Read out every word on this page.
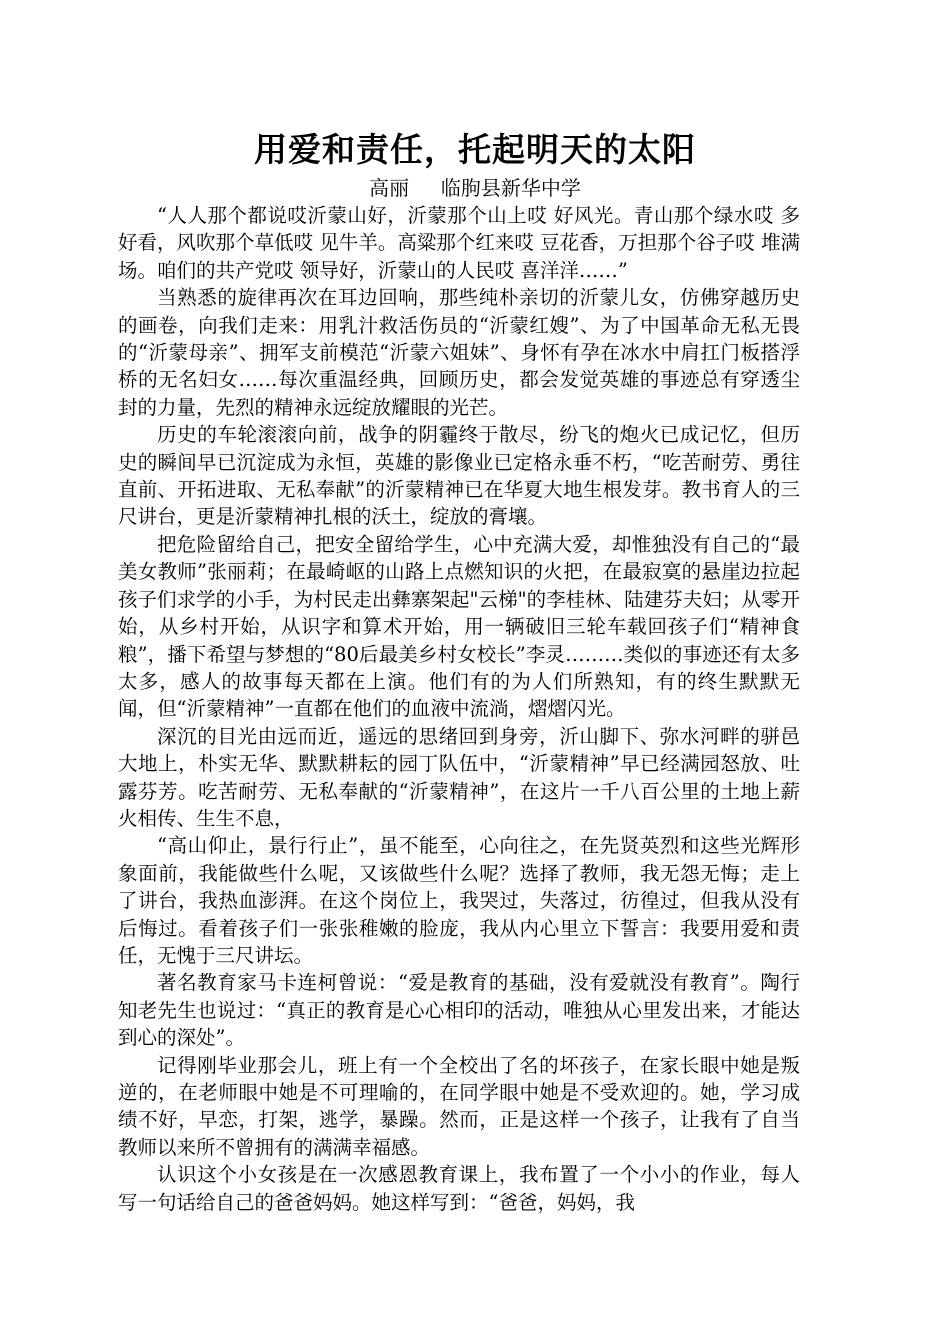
用爱和责任，托起明天的太阳
高丽 临朐县新华中学

“人人那个都说哎沂蒙山好，沂蒙那个山上哎 好风光。青山那个绿水哎 多好看，风吹那个草低哎 见牛羊。高粱那个红来哎 豆花香，万担那个谷子哎 堆满场。咱们的共产党哎 领导好，沂蒙山的人民哎 喜洋洋……”

当熟悉的旋律再次在耳边回响，那些纯朴亲切的沂蒙儿女，仿佛穿越历史的画卷，向我们走来：用乳汁救活伤员的“沂蒙红嫂”、为了中国革命无私无畏的“沂蒙母亲”、拥军支前模范“沂蒙六姐妹”、身怀有孕在冰水中肩扛门板搭浮桥的无名妇女……每次重温经典，回顾历史，都会发觉英雄的事迹总有穿透尘封的力量，先烈的精神永远绽放耀眼的光芒。

历史的车轮滚滚向前，战争的阴霾终于散尽，纷飞的炮火已成记忆，但历史的瞬间早已沉淀成为永恒，英雄的影像业已定格永垂不朽，“吃苦耐劳、勇往直前、开拓进取、无私奉献”的沂蒙精神已在华夏大地生根发芽。教书育人的三尺讲台，更是沂蒙精神扎根的沃土，绽放的膏壤。

把危险留给自己，把安全留给学生，心中充满大爱，却惟独没有自己的“最美女教师”张丽莉；在最崎岖的山路上点燃知识的火把，在最寂寞的悬崖边拉起孩子们求学的小手，为村民走出彝寨架起"云梯"的李桂林、陆建芬夫妇；从零开始，从乡村开始，从识字和算术开始，用一辆破旧三轮车载回孩子们“精神食粮”，播下希望与梦想的“80后最美乡村女校长”李灵………类似的事迹还有太多太多，感人的故事每天都在上演。他们有的为人们所熟知，有的终生默默无闻，但“沂蒙精神”一直都在他们的血液中流淌，熠熠闪光。

深沉的目光由远而近，遥远的思绪回到身旁，沂山脚下、弥水河畔的骈邑大地上，朴实无华、默默耕耘的园丁队伍中，“沂蒙精神”早已经满园怒放、吐露芬芳。吃苦耐劳、无私奉献的“沂蒙精神”，在这片一千八百公里的土地上薪火相传、生生不息，

“高山仰止，景行行止”，虽不能至，心向往之，在先贤英烈和这些光辉形象面前，我能做些什么呢，又该做些什么呢？选择了教师，我无怨无悔；走上了讲台，我热血澎湃。在这个岗位上，我哭过，失落过，彷徨过，但我从没有后悔过。看着孩子们一张张稚嫩的脸庞，我从内心里立下誓言：我要用爱和责任，无愧于三尺讲坛。

著名教育家马卡连柯曾说：“爱是教育的基础，没有爱就没有教育”。陶行知老先生也说过：“真正的教育是心心相印的活动，唯独从心里发出来，才能达到心的深处”。

记得刚毕业那会儿，班上有一个全校出了名的坏孩子，在家长眼中她是叛逆的，在老师眼中她是不可理喻的，在同学眼中她是不受欢迎的。她，学习成绩不好，早恋，打架，逃学，暴躁。然而，正是这样一个孩子，让我有了自当教师以来所不曾拥有的满满幸福感。

认识这个小女孩是在一次感恩教育课上，我布置了一个小小的作业，每人写一句话给自己的爸爸妈妈。她这样写到：“爸爸，妈妈，我
